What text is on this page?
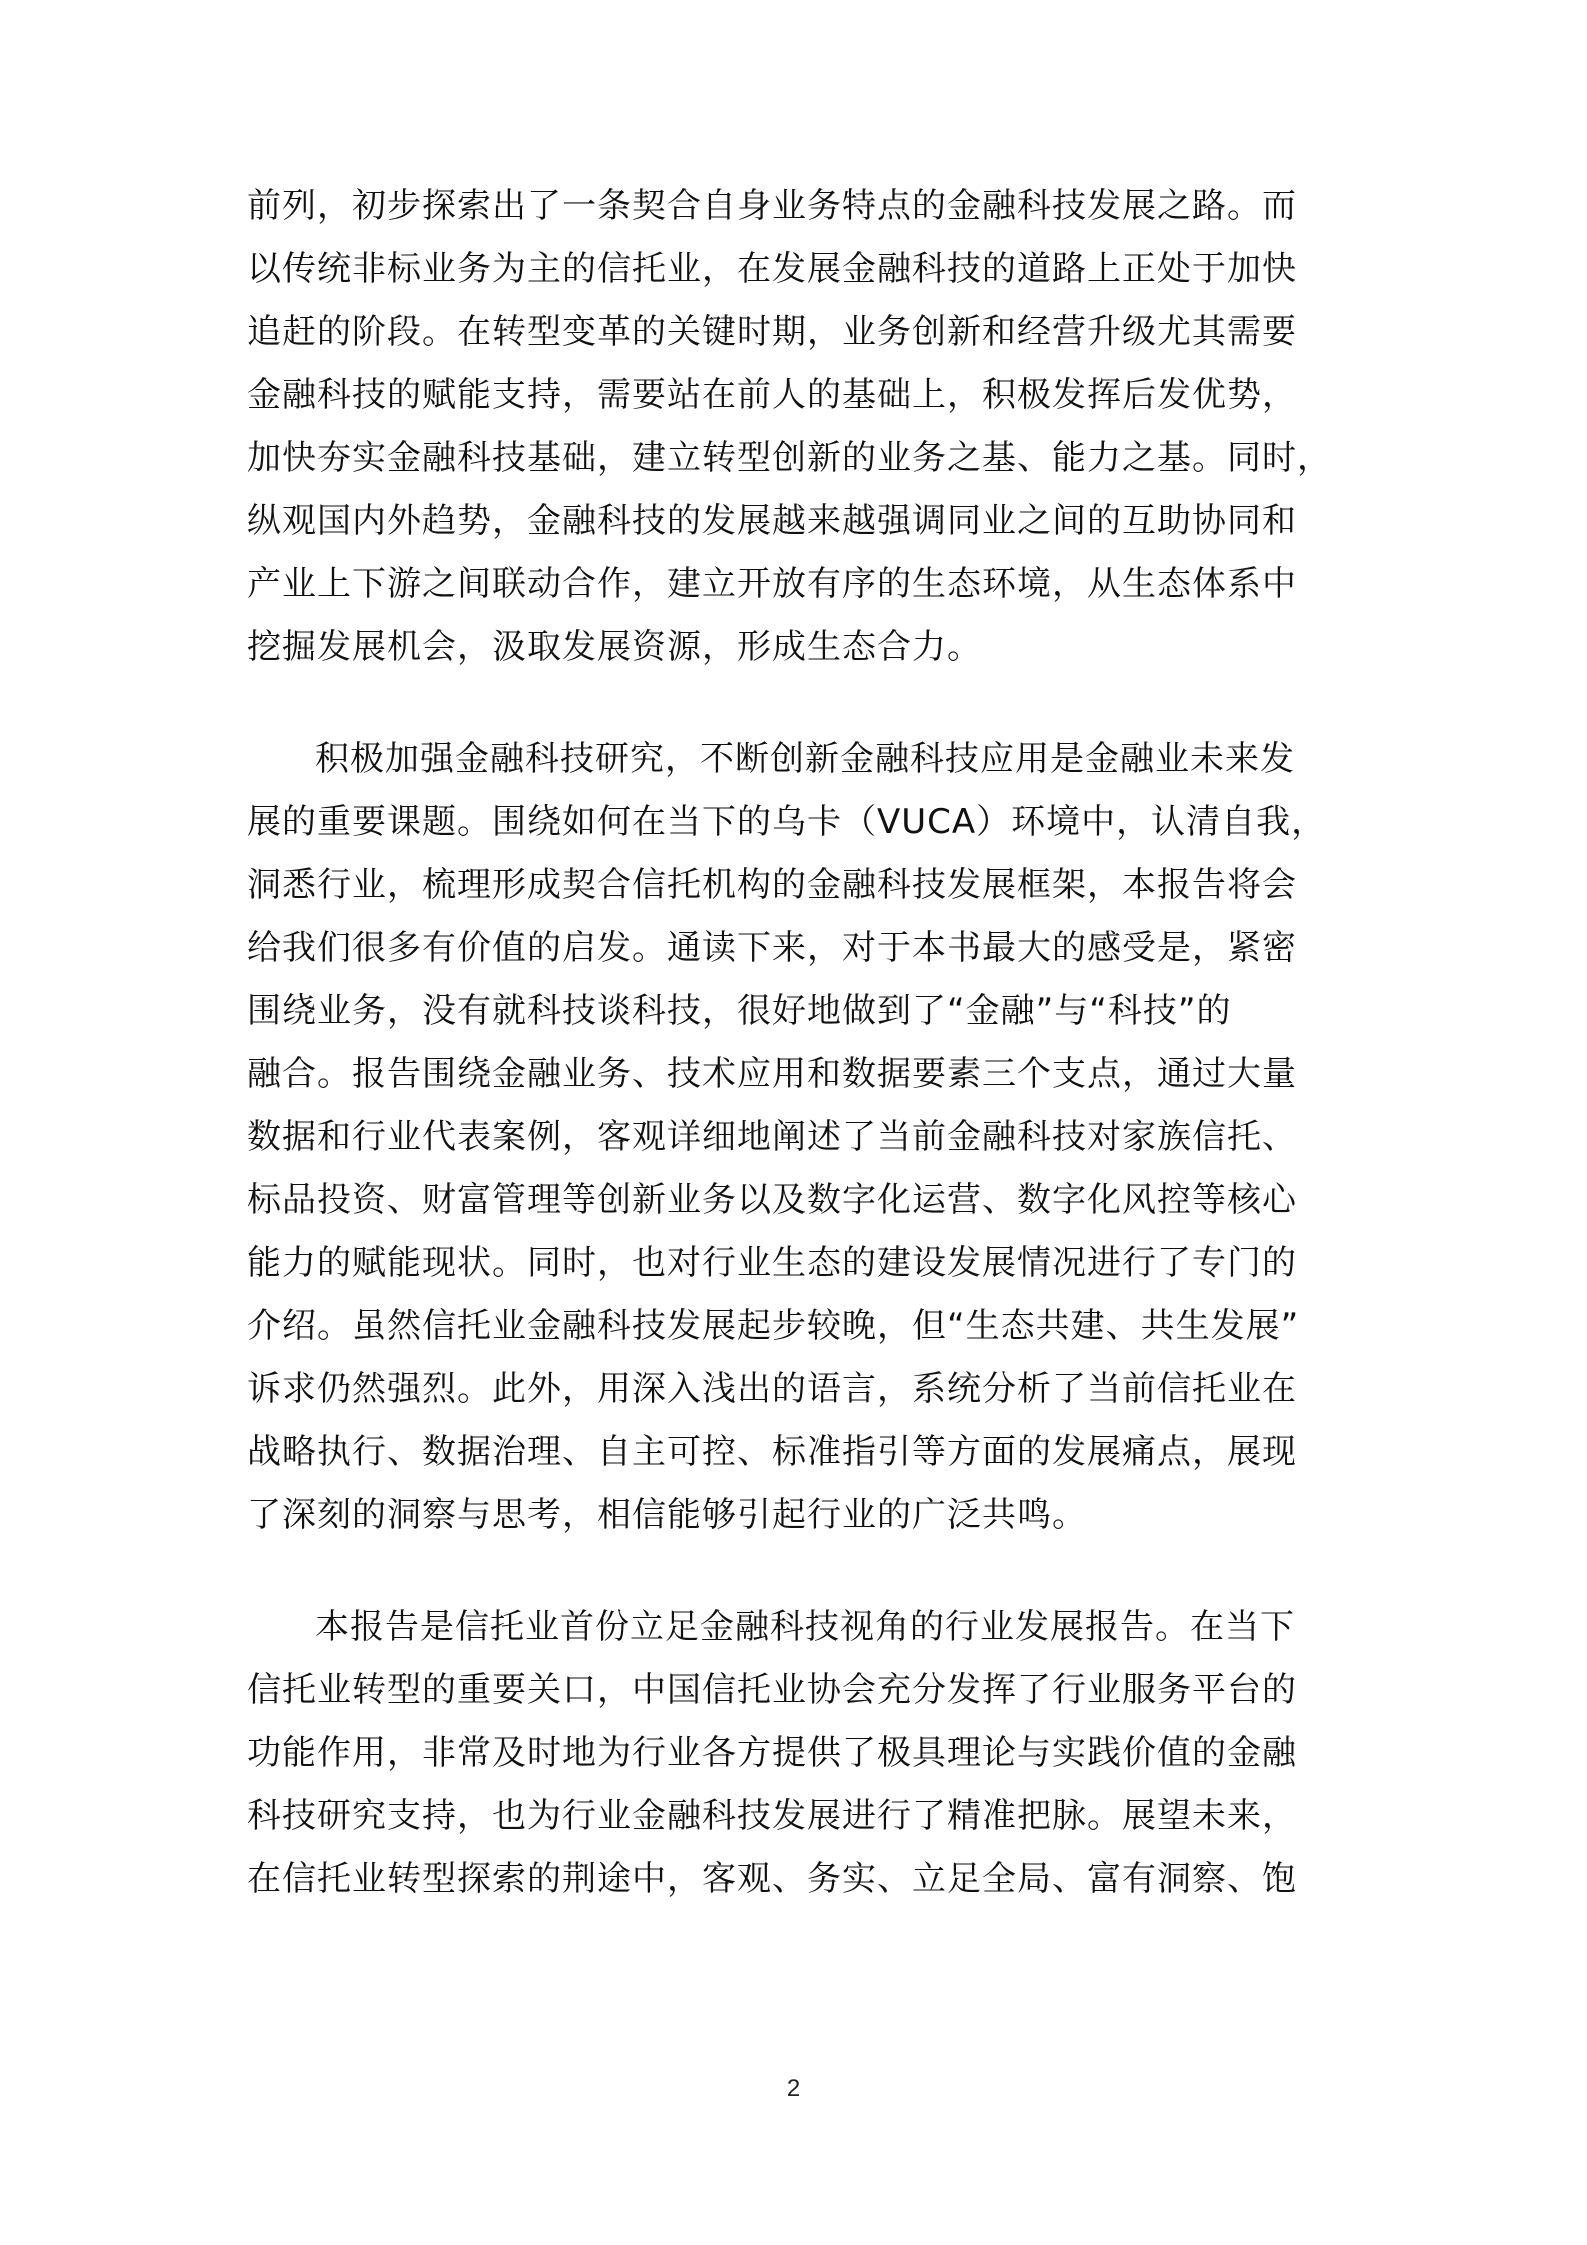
前列，初步探索出了一条契合自身业务特点的金融科技发展之路。而
以传统非标业务为主的信托业，在发展金融科技的道路上正处于加快
追赶的阶段。在转型变革的关键时期，业务创新和经营升级尤其需要
金融科技的赋能支持，需要站在前人的基础上，积极发挥后发优势，
加快夯实金融科技基础，建立转型创新的业务之基、能力之基。同时，
纵观国内外趋势，金融科技的发展越来越强调同业之间的互助协同和
产业上下游之间联动合作，建立开放有序的生态环境，从生态体系中
挖掘发展机会，汲取发展资源，形成生态合力。
积极加强金融科技研究，不断创新金融科技应用是金融业未来发
展的重要课题。围绕如何在当下的乌卡（VUCA）环境中，认清自我，
洞悉行业，梳理形成契合信托机构的金融科技发展框架，本报告将会
给我们很多有价值的启发。通读下来，对于本书最大的感受是，紧密
围绕业务，没有就科技谈科技，很好地做到了“金融”与“科技”的
融合。报告围绕金融业务、技术应用和数据要素三个支点，通过大量
数据和行业代表案例，客观详细地阐述了当前金融科技对家族信托、
标品投资、财富管理等创新业务以及数字化运营、数字化风控等核心
能力的赋能现状。同时，也对行业生态的建设发展情况进行了专门的
介绍。虽然信托业金融科技发展起步较晚，但“生态共建、共生发展”
诉求仍然强烈。此外，用深入浅出的语言，系统分析了当前信托业在
战略执行、数据治理、自主可控、标准指引等方面的发展痛点，展现
了深刻的洞察与思考，相信能够引起行业的广泛共鸣。
本报告是信托业首份立足金融科技视角的行业发展报告。在当下
信托业转型的重要关口，中国信托业协会充分发挥了行业服务平台的
功能作用，非常及时地为行业各方提供了极具理论与实践价值的金融
科技研究支持，也为行业金融科技发展进行了精准把脉。展望未来，
在信托业转型探索的荆途中，客观、务实、立足全局、富有洞察、饱
2
